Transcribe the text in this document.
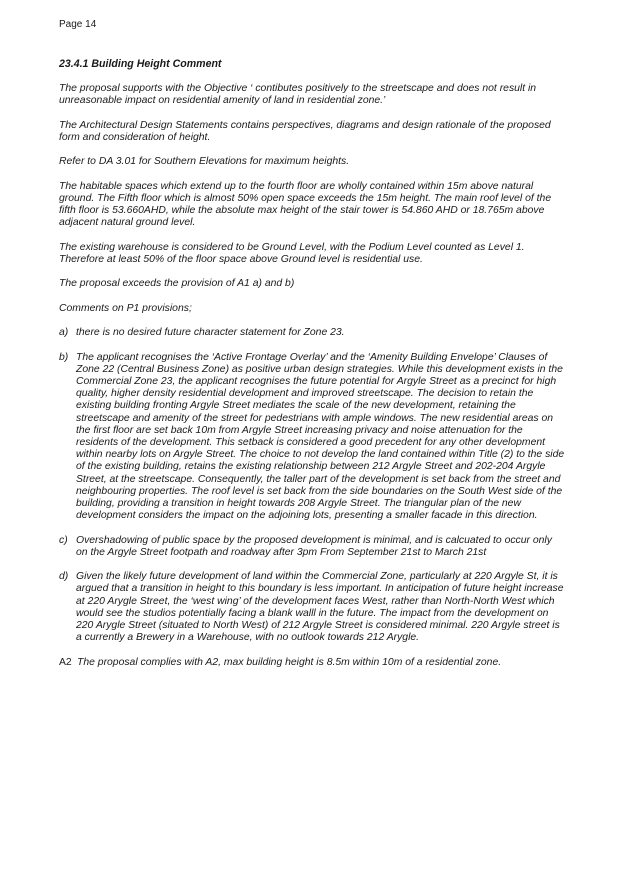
Page 14
23.4.1 Building Height Comment

The proposal supports with the Objective ‘ contibutes positively to the streetscape and does not result in unreasonable impact on residential amenity of land in residential zone.’

The Architectural Design Statements contains perspectives, diagrams and design rationale of the proposed form and consideration of height.

Refer to DA 3.01 for Southern Elevations for maximum heights.

The habitable spaces which extend up to the fourth floor are wholly contained within 15m above natural ground. The Fifth floor which is almost 50% open space exceeds the 15m height. The main roof level of the fifth floor is 53.660AHD, while the absolute max height of the stair tower is 54.860 AHD or 18.765m above adjacent natural ground level.

The existing warehouse is considered to be Ground Level, with the Podium Level counted as Level 1. Therefore at least 50% of the floor space above Ground level is residential use.

The proposal exceeds the provision of A1 a) and b)

Comments on P1 provisions;

a) there is no desired future character statement for Zone 23.
b) The applicant recognises the ‘Active Frontage Overlay’ and the ‘Amenity Building Envelope’ Clauses of Zone 22 (Central Business Zone) as positive urban design strategies. While this development exists in the Commercial Zone 23, the applicant recognises the future potential for Argyle Street as a precinct for high quality, higher density residential development and improved streetscape. The decision to retain the existing building fronting Argyle Street mediates the scale of the new development, retaining the streetscape and amenity of the street for pedestrians with ample windows. The new residential areas on the first floor are set back 10m from Argyle Street increasing privacy and noise attenuation for the residents of the development. This setback is considered a good precedent for any other development within nearby lots on Argyle Street. The choice to not develop the land contained within Title (2) to the side of the existing building, retains the existing relationship between 212 Argyle Street and 202-204 Argyle Street, at the streetscape. Consequently, the taller part of the development is set back from the street and neighbouring properties. The roof level is set back from the side boundaries on the South West side of the building, providing a transition in height towards 208 Argyle Street. The triangular plan of the new development considers the impact on the adjoining lots, presenting a smaller facade in this direction.
c) Overshadowing of public space by the proposed development is minimal, and is calcuated to occur only on the Argyle Street footpath and roadway after 3pm From September 21st to March 21st
d) Given the likely future development of land within the Commercial Zone, particularly at 220 Argyle St, it is argued that a transition in height to this boundary is less important. In anticipation of future height increase at 220 Arygle Street, the ‘west wing’ of the development faces West, rather than North-North West which would see the studios potentially facing a blank walll in the future. The impact from the development on 220 Arygle Street (situated to North West) of 212 Argyle Street is considered minimal. 220 Argyle street is a currently a Brewery in a Warehouse, with no outlook towards 212 Arygle.
A2 The proposal complies with A2, max building height is 8.5m within 10m of a residential zone.
